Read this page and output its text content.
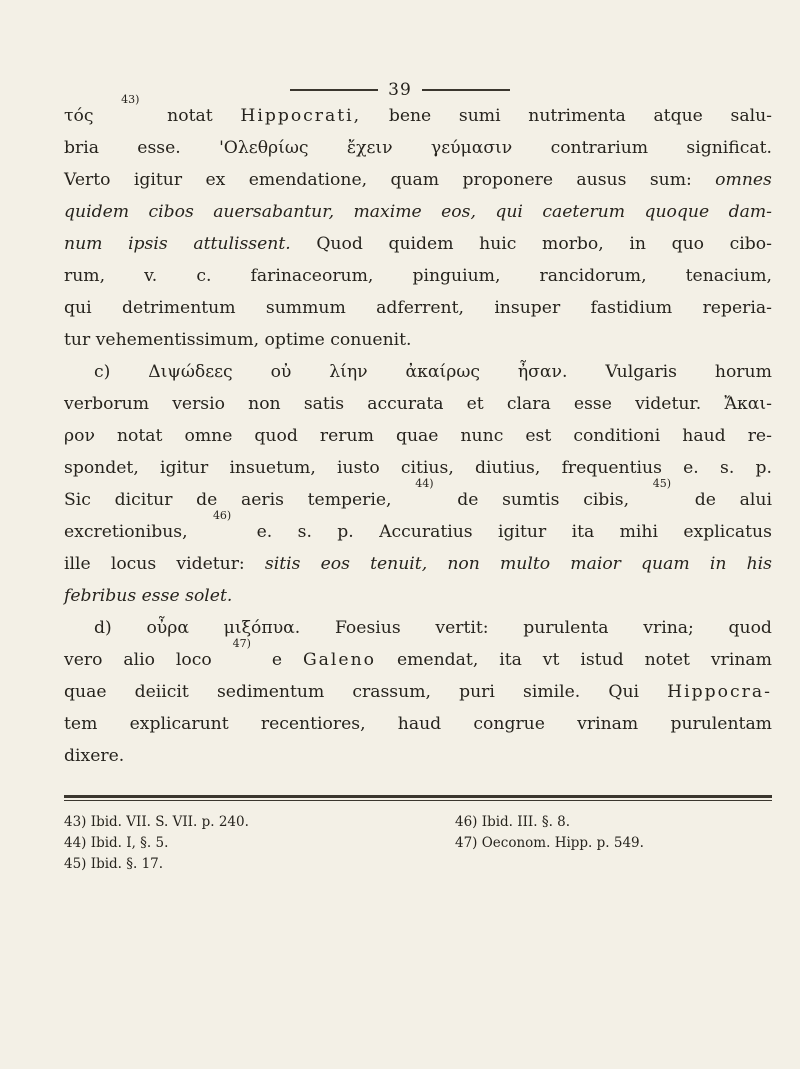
39
τός
43)
notat Hippocrati, bene sumi nutrimenta atque salu-
bria esse. 'Ολεθρίως ἔχειν γεύμασιν contrarium significat.
Verto igitur ex emendatione, quam proponere ausus sum: omnes
quidem cibos auersabantur, maxime eos, qui caeterum quoque dam-
num ipsis attulissent. Quod quidem huic morbo, in quo cibo-
rum, v. c. farinaceorum, pinguium, rancidorum, tenacium,
qui detrimentum summum adferrent, insuper fastidium reperia-
tur vehementissimum, optime conuenit.
c) Διψώδεες οὐ λίην ἀκαίρως ἦσαν. Vulgaris horum
verborum versio non satis accurata et clara esse videtur. Ἄκαι-
ρον notat omne quod rerum quae nunc est conditioni haud re-
spondet, igitur insuetum, iusto citius, diutius, frequentius e. s. p.
Sic dicitur de aeris temperie,
44)
de sumtis cibis,
45)
de alui
excretionibus,
46)
e. s. p. Accuratius igitur ita mihi explicatus
ille locus videtur: sitis eos tenuit, non multo maior quam in his
febribus esse solet.
d) οὖρα μιξόπυα. Foesius vertit: purulenta vrina; quod
vero alio loco
47)
e Galeno emendat, ita vt istud notet vrinam
quae deiicit sedimentum crassum, puri simile. Qui Hippocra-
tem explicarunt recentiores, haud congrue vrinam purulentam
dixere.
43) Ibid. VII. S. VII. p. 240.
44) Ibid. I, §. 5.
45) Ibid. §. 17.
46) Ibid. III. §. 8.
47) Oeconom. Hipp. p. 549.
